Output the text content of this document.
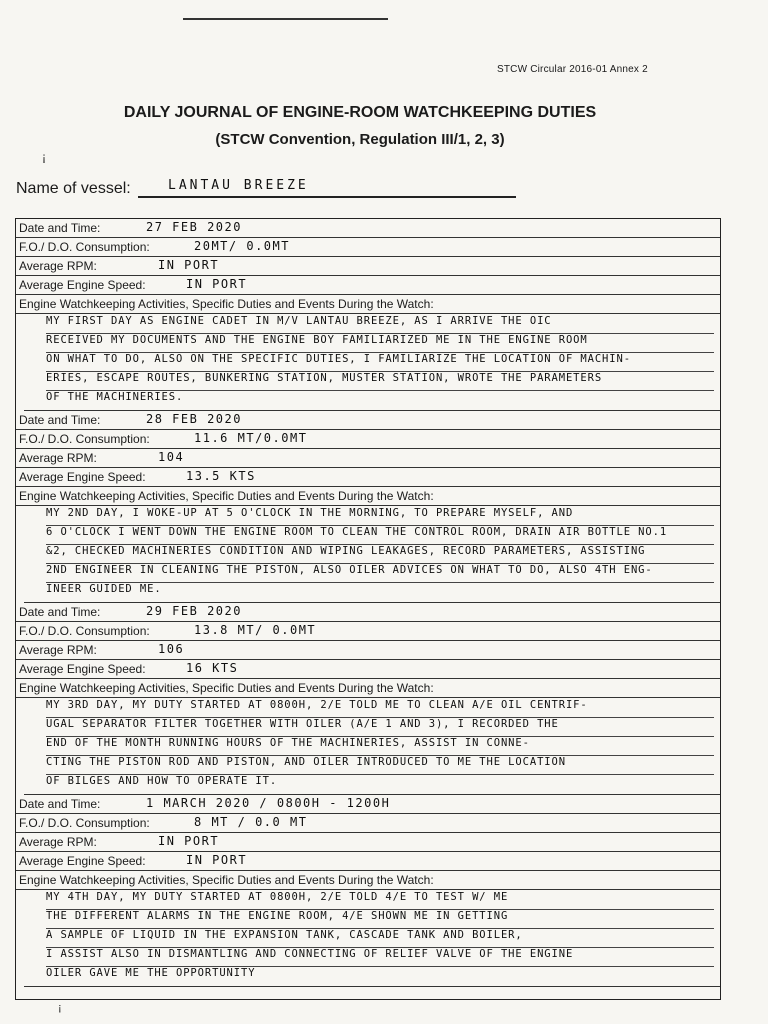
STCW Circular 2016-01 Annex 2
DAILY JOURNAL OF ENGINE-ROOM WATCHKEEPING DUTIES
(STCW Convention, Regulation III/1, 2, 3)
¡
Name of vessel:	LANTAU BREEZE
Date and Time:	27 FEB 2020
F.O./ D.O. Consumption:	20MT/ 0.0MT
Average RPM:	IN PORT
Average Engine Speed:	IN PORT
Engine Watchkeeping Activities, Specific Duties and Events During the Watch:
MY FIRST DAY AS ENGINE CADET IN M/V LANTAU BREEZE, AS I ARRIVE THE OIC
RECEIVED MY DOCUMENTS AND THE ENGINE BOY FAMILIARIZED ME IN THE ENGINE ROOM
ON WHAT TO DO, ALSO ON THE SPECIFIC DUTIES, I FAMILIARIZE THE LOCATION OF MACHIN-
ERIES, ESCAPE ROUTES, BUNKERING STATION, MUSTER STATION, WROTE THE PARAMETERS
OF THE MACHINERIES.
Date and Time:	28 FEB 2020
F.O./ D.O. Consumption:	11.6 MT/0.0MT
Average RPM:	104
Average Engine Speed:	13.5 KTS
Engine Watchkeeping Activities, Specific Duties and Events During the Watch:
MY 2ND DAY, I WOKE-UP AT 5 O'CLOCK IN THE MORNING, TO PREPARE MYSELF, AND
6 O'CLOCK I WENT DOWN THE ENGINE ROOM TO CLEAN THE CONTROL ROOM, DRAIN AIR BOTTLE NO.1
&2, CHECKED MACHINERIES CONDITION AND WIPING LEAKAGES, RECORD PARAMETERS, ASSISTING
2ND ENGINEER IN CLEANING THE PISTON, ALSO OILER ADVICES ON WHAT TO DO, ALSO 4TH ENG-
INEER GUIDED ME.
Date and Time:	29 FEB 2020
F.O./ D.O. Consumption:	13.8 MT/ 0.0MT
Average RPM:	106
Average Engine Speed:	16 KTS
Engine Watchkeeping Activities, Specific Duties and Events During the Watch:
MY 3RD DAY, MY DUTY STARTED AT 0800H, 2/E TOLD ME TO CLEAN A/E OIL CENTRIF-
UGAL SEPARATOR FILTER TOGETHER WITH OILER (A/E 1 AND 3), I RECORDED THE
END OF THE MONTH RUNNING HOURS OF THE MACHINERIES, ASSIST IN CONNE-
CTING THE PISTON ROD AND PISTON, AND OILER INTRODUCED TO ME THE LOCATION
OF BILGES AND HOW TO OPERATE IT.
Date and Time:	1 MARCH 2020 / 0800H - 1200H
F.O./ D.O. Consumption:	8 MT / 0.0 MT
Average RPM:	IN PORT
Average Engine Speed:	IN PORT
Engine Watchkeeping Activities, Specific Duties and Events During the Watch:
MY 4TH DAY, MY DUTY STARTED AT 0800H, 2/E TOLD 4/E TO TEST W/ ME
THE DIFFERENT ALARMS IN THE ENGINE ROOM, 4/E SHOWN ME IN GETTING
A SAMPLE OF LIQUID IN THE EXPANSION TANK, CASCADE TANK AND BOILER,
I ASSIST ALSO IN DISMANTLING AND CONNECTING OF RELIEF VALVE OF THE ENGINE
OILER GAVE ME THE OPPORTUNITY
¡
